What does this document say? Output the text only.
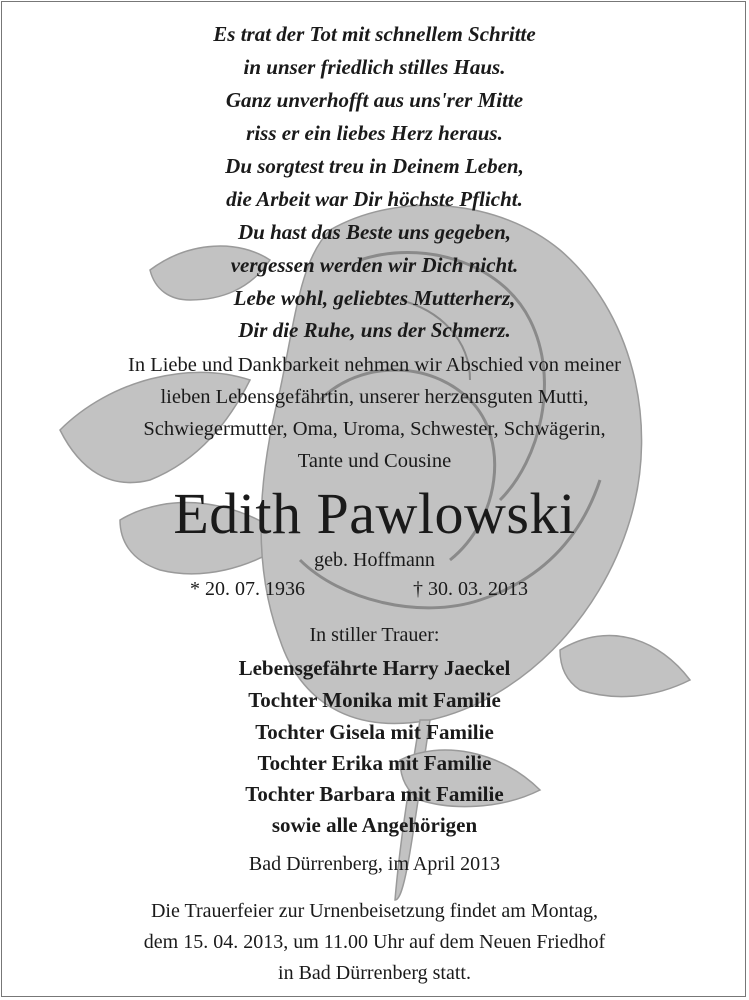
Es trat der Tot mit schnellem Schritte
in unser friedlich stilles Haus.
Ganz unverhofft aus uns'rer Mitte
riss er ein liebes Herz heraus.
Du sorgtest treu in Deinem Leben,
die Arbeit war Dir höchste Pflicht.
Du hast das Beste uns gegeben,
vergessen werden wir Dich nicht.
Lebe wohl, geliebtes Mutterherz,
Dir die Ruhe, uns der Schmerz.
In Liebe und Dankbarkeit nehmen wir Abschied von meiner
lieben Lebensgefährtin, unserer herzensguten Mutti,
Schwiegermutter, Oma, Uroma, Schwester, Schwägerin,
Tante und Cousine
Edith Pawlowski
geb. Hoffmann
* 20. 07. 1936	† 30. 03. 2013
In stiller Trauer:
Lebensgefährte Harry Jaeckel
Tochter Monika mit Familie
Tochter Gisela mit Familie
Tochter Erika mit Familie
Tochter Barbara mit Familie
sowie alle Angehörigen
Bad Dürrenberg, im April 2013
Die Trauerfeier zur Urnenbeisetzung findet am Montag,
dem 15. 04. 2013, um 11.00 Uhr auf dem Neuen Friedhof
in Bad Dürrenberg statt.
